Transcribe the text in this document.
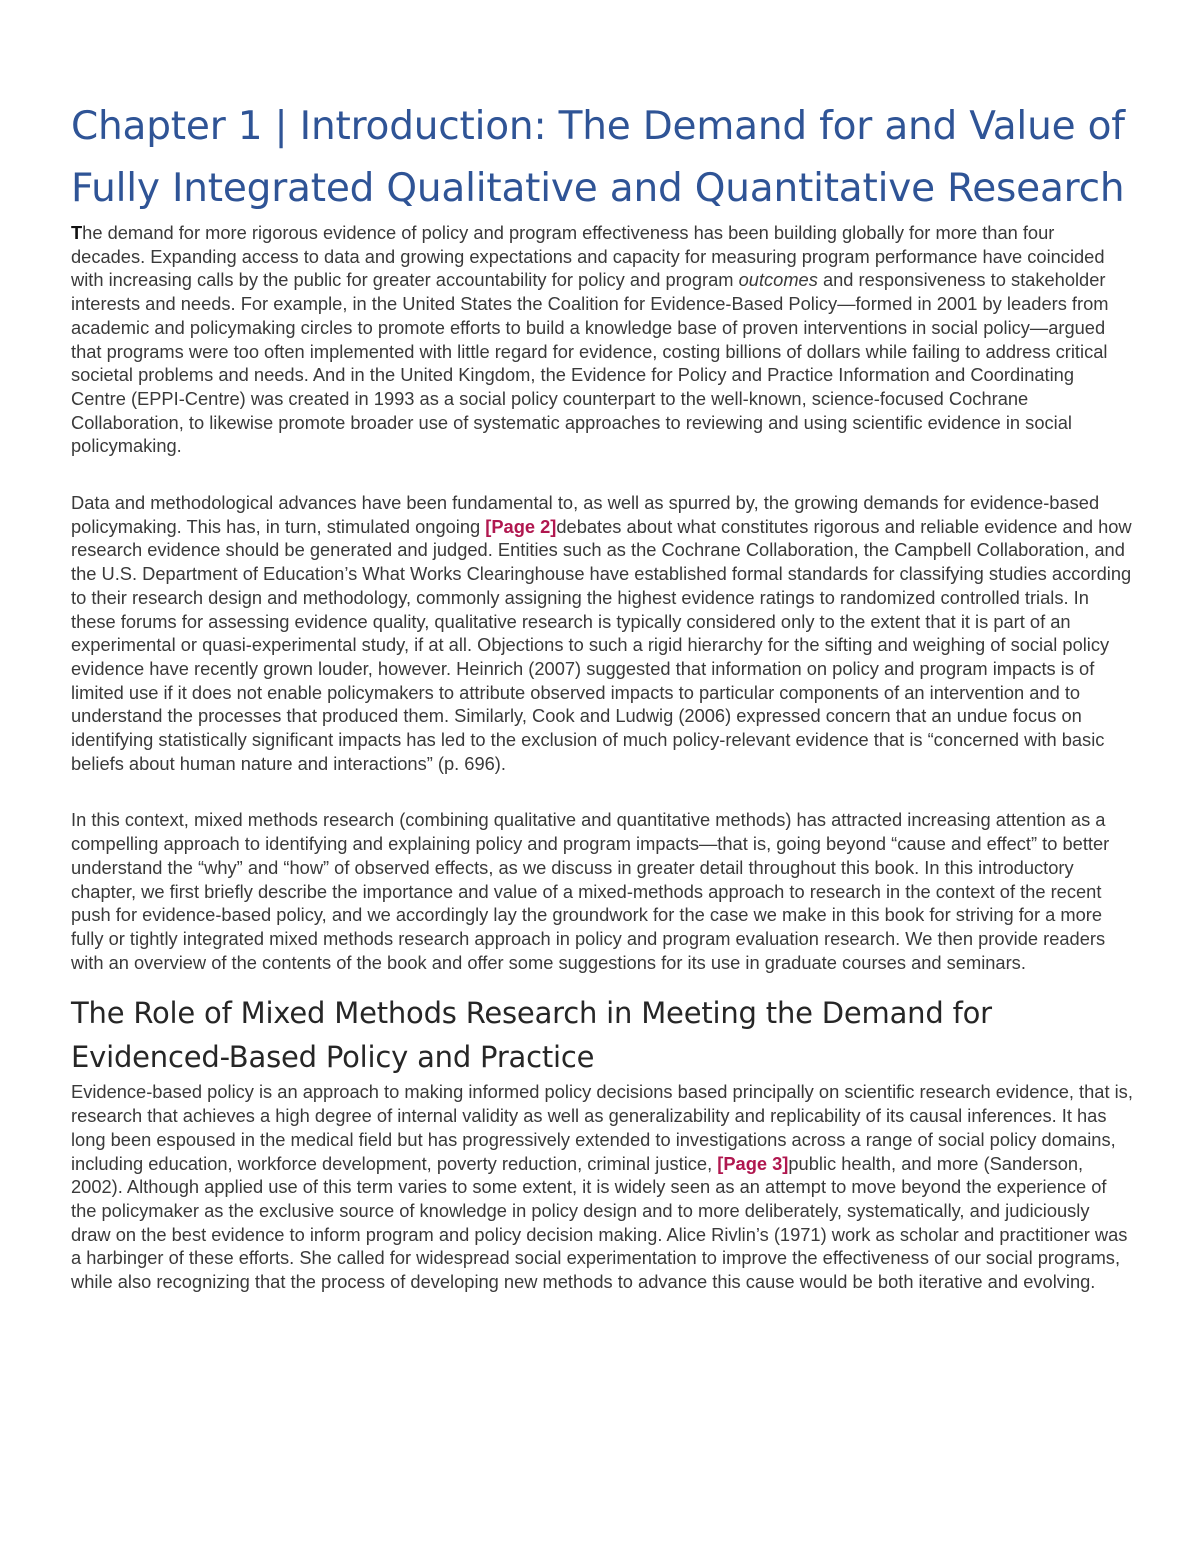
Chapter 1 | Introduction: The Demand for and Value of Fully Integrated Qualitative and Quantitative Research

The demand for more rigorous evidence of policy and program effectiveness has been building globally for more than four decades. Expanding access to data and growing expectations and capacity for measuring program performance have coincided with increasing calls by the public for greater accountability for policy and program outcomes and responsiveness to stakeholder interests and needs. For example, in the United States the Coalition for Evidence-Based Policy—formed in 2001 by leaders from academic and policymaking circles to promote efforts to build a knowledge base of proven interventions in social policy—argued that programs were too often implemented with little regard for evidence, costing billions of dollars while failing to address critical societal problems and needs. And in the United Kingdom, the Evidence for Policy and Practice Information and Coordinating Centre (EPPI-Centre) was created in 1993 as a social policy counterpart to the well-known, science-focused Cochrane Collaboration, to likewise promote broader use of systematic approaches to reviewing and using scientific evidence in social policymaking.

Data and methodological advances have been fundamental to, as well as spurred by, the growing demands for evidence-based policymaking. This has, in turn, stimulated ongoing [Page 2]debates about what constitutes rigorous and reliable evidence and how research evidence should be generated and judged. Entities such as the Cochrane Collaboration, the Campbell Collaboration, and the U.S. Department of Education’s What Works Clearinghouse have established formal standards for classifying studies according to their research design and methodology, commonly assigning the highest evidence ratings to randomized controlled trials. In these forums for assessing evidence quality, qualitative research is typically considered only to the extent that it is part of an experimental or quasi-experimental study, if at all. Objections to such a rigid hierarchy for the sifting and weighing of social policy evidence have recently grown louder, however. Heinrich (2007) suggested that information on policy and program impacts is of limited use if it does not enable policymakers to attribute observed impacts to particular components of an intervention and to understand the processes that produced them. Similarly, Cook and Ludwig (2006) expressed concern that an undue focus on identifying statistically significant impacts has led to the exclusion of much policy-relevant evidence that is “concerned with basic beliefs about human nature and interactions” (p. 696).

In this context, mixed methods research (combining qualitative and quantitative methods) has attracted increasing attention as a compelling approach to identifying and explaining policy and program impacts—that is, going beyond “cause and effect” to better understand the “why” and “how” of observed effects, as we discuss in greater detail throughout this book. In this introductory chapter, we first briefly describe the importance and value of a mixed-methods approach to research in the context of the recent push for evidence-based policy, and we accordingly lay the groundwork for the case we make in this book for striving for a more fully or tightly integrated mixed methods research approach in policy and program evaluation research. We then provide readers with an overview of the contents of the book and offer some suggestions for its use in graduate courses and seminars.

The Role of Mixed Methods Research in Meeting the Demand for Evidenced-Based Policy and Practice

Evidence-based policy is an approach to making informed policy decisions based principally on scientific research evidence, that is, research that achieves a high degree of internal validity as well as generalizability and replicability of its causal inferences. It has long been espoused in the medical field but has progressively extended to investigations across a range of social policy domains, including education, workforce development, poverty reduction, criminal justice, [Page 3]public health, and more (Sanderson, 2002). Although applied use of this term varies to some extent, it is widely seen as an attempt to move beyond the experience of the policymaker as the exclusive source of knowledge in policy design and to more deliberately, systematically, and judiciously draw on the best evidence to inform program and policy decision making. Alice Rivlin’s (1971) work as scholar and practitioner was a harbinger of these efforts. She called for widespread social experimentation to improve the effectiveness of our social programs, while also recognizing that the process of developing new methods to advance this cause would be both iterative and evolving.
